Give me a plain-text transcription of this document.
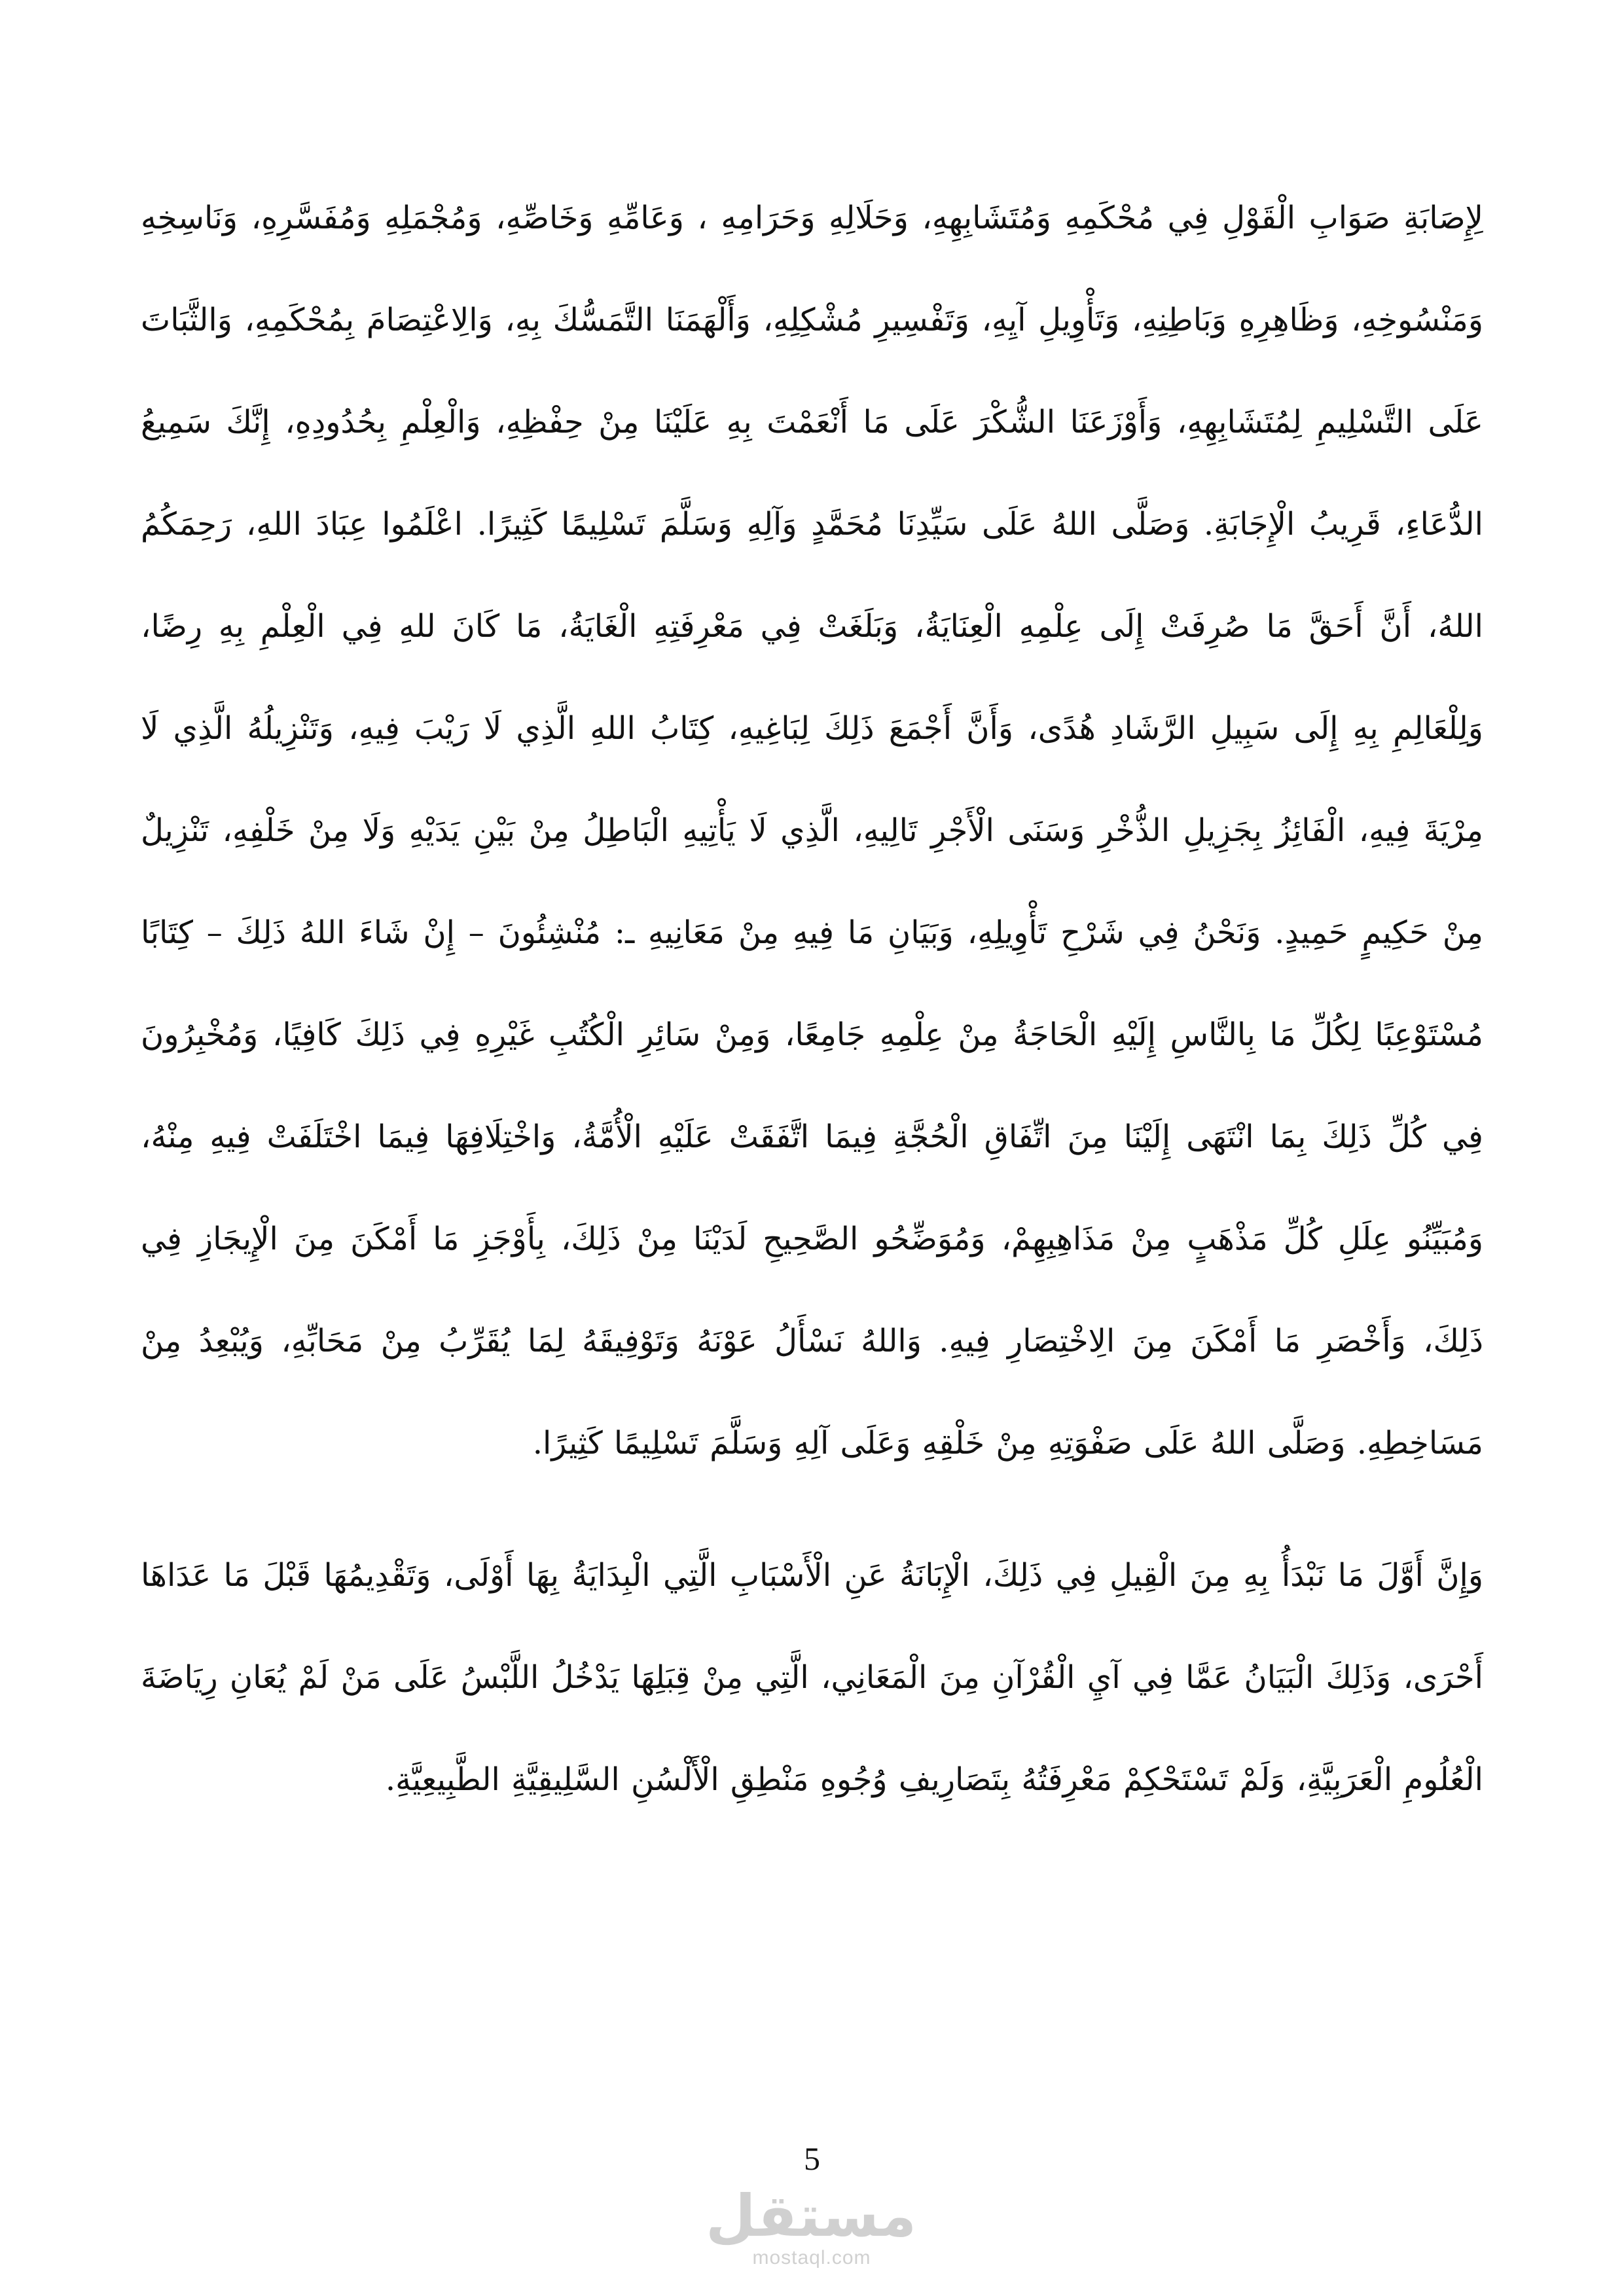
لِإِصَابَةِ صَوَابِ الْقَوْلِ فِي مُحْكَمِهِ وَمُتَشَابِهِهِ، وَحَلَالِهِ وَحَرَامِهِ ، وَعَامِّهِ وَخَاصِّهِ، وَمُجْمَلِهِ وَمُفَسَّرِهِ، وَنَاسِخِهِ وَمَنْسُوخِهِ، وَظَاهِرِهِ وَبَاطِنِهِ، وَتَأْوِيلِ آيِهِ، وَتَفْسِيرِ مُشْكِلِهِ، وَأَلْهَمَنَا التَّمَسُّكَ بِهِ، وَالِاعْتِصَامَ بِمُحْكَمِهِ، وَالثَّبَاتَ عَلَى التَّسْلِيمِ لِمُتَشَابِهِهِ، وَأَوْزَعَنَا الشُّكْرَ عَلَى مَا أَنْعَمْتَ بِهِ عَلَيْنَا مِنْ حِفْظِهِ، وَالْعِلْمِ بِحُدُودِهِ، إِنَّكَ سَمِيعُ الدُّعَاءِ، قَرِيبُ الْإِجَابَةِ. وَصَلَّى اللهُ عَلَى سَيِّدِنَا مُحَمَّدٍ وَآلِهِ وَسَلَّمَ تَسْلِيمًا كَثِيرًا. اعْلَمُوا عِبَادَ اللهِ، رَحِمَكُمُ اللهُ، أَنَّ أَحَقَّ مَا صُرِفَتْ إِلَى عِلْمِهِ الْعِنَايَةُ، وَبَلَغَتْ فِي مَعْرِفَتِهِ الْغَايَةُ، مَا كَانَ للهِ فِي الْعِلْمِ بِهِ رِضًا، وَلِلْعَالِمِ بِهِ إِلَى سَبِيلِ الرَّشَادِ هُدًى، وَأَنَّ أَجْمَعَ ذَلِكَ لِبَاغِيهِ، كِتَابُ اللهِ الَّذِي لَا رَيْبَ فِيهِ، وَتَنْزِيلُهُ الَّذِي لَا مِرْيَةَ فِيهِ، الْفَائِزُ بِجَزِيلِ الذُّخْرِ وَسَنَى الْأَجْرِ تَالِيهِ، الَّذِي لَا يَأْتِيهِ الْبَاطِلُ مِنْ بَيْنِ يَدَيْهِ وَلَا مِنْ خَلْفِهِ، تَنْزِيلٌ مِنْ حَكِيمٍ حَمِيدٍ. وَنَحْنُ فِي شَرْحِ تَأْوِيلِهِ، وَبَيَانِ مَا فِيهِ مِنْ مَعَانِيهِ ـ: مُنْشِئُونَ – إِنْ شَاءَ اللهُ ذَلِكَ – كِتَابًا مُسْتَوْعِبًا لِكُلِّ مَا بِالنَّاسِ إِلَيْهِ الْحَاجَةُ مِنْ عِلْمِهِ جَامِعًا، وَمِنْ سَائِرِ الْكُتُبِ غَيْرِهِ فِي ذَلِكَ كَافِيًا، وَمُخْبِرُونَ فِي كُلِّ ذَلِكَ بِمَا انْتَهَى إِلَيْنَا مِنَ اتِّفَاقِ الْحُجَّةِ فِيمَا اتَّفَقَتْ عَلَيْهِ الْأُمَّةُ، وَاخْتِلَافِهَا فِيمَا اخْتَلَفَتْ فِيهِ مِنْهُ، وَمُبَيِّنُو عِلَلِ كُلِّ مَذْهَبٍ مِنْ مَذَاهِبِهِمْ، وَمُوَضِّحُو الصَّحِيحِ لَدَيْنَا مِنْ ذَلِكَ، بِأَوْجَزِ مَا أَمْكَنَ مِنَ الْإِيجَازِ فِي ذَلِكَ، وَأَخْصَرِ مَا أَمْكَنَ مِنَ الِاخْتِصَارِ فِيهِ. وَاللهُ نَسْأَلُ عَوْنَهُ وَتَوْفِيقَهُ لِمَا يُقَرِّبُ مِنْ مَحَابِّهِ، وَيُبْعِدُ مِنْ مَسَاخِطِهِ. وَصَلَّى اللهُ عَلَى صَفْوَتِهِ مِنْ خَلْقِهِ وَعَلَى آلِهِ وَسَلَّمَ تَسْلِيمًا كَثِيرًا.

وَإِنَّ أَوَّلَ مَا نَبْدَأُ بِهِ مِنَ الْقِيلِ فِي ذَلِكَ، الْإِبَانَةُ عَنِ الْأَسْبَابِ الَّتِي الْبِدَايَةُ بِهَا أَوْلَى، وَتَقْدِيمُهَا قَبْلَ مَا عَدَاهَا أَحْرَى، وَذَلِكَ الْبَيَانُ عَمَّا فِي آيِ الْقُرْآنِ مِنَ الْمَعَانِي، الَّتِي مِنْ قِبَلِهَا يَدْخُلُ اللَّبْسُ عَلَى مَنْ لَمْ يُعَانِ رِيَاضَةَ الْعُلُومِ الْعَرَبِيَّةِ، وَلَمْ تَسْتَحْكِمْ مَعْرِفَتُهُ بِتَصَارِيفِ وُجُوهِ مَنْطِقِ الْأَلْسُنِ السَّلِيقِيَّةِ الطَّبِيعِيَّةِ.

5
مستقل
mostaql.com
